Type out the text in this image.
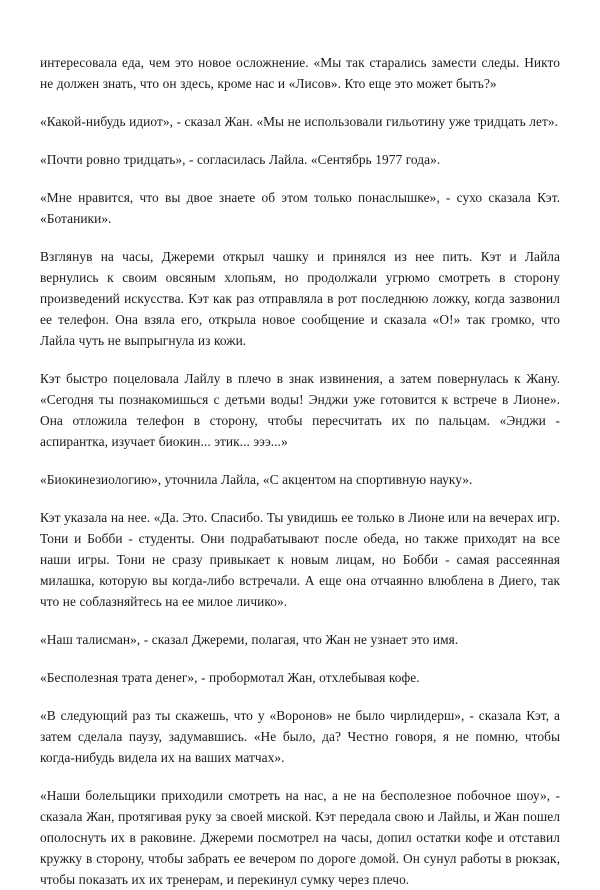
интересовала еда, чем это новое осложнение. «Мы так старались замести следы. Никто не должен знать, что он здесь, кроме нас и «Лисов». Кто еще это может быть?»

«Какой-нибудь идиот», - сказал Жан. «Мы не использовали гильотину уже тридцать лет».

«Почти ровно тридцать», - согласилась Лайла. «Сентябрь 1977 года».

«Мне нравится, что вы двое знаете об этом только понаслышке», - сухо сказала Кэт. «Ботаники».

Взглянув на часы, Джереми открыл чашку и принялся из нее пить. Кэт и Лайла вернулись к своим овсяным хлопьям, но продолжали угрюмо смотреть в сторону произведений искусства. Кэт как раз отправляла в рот последнюю ложку, когда зазвонил ее телефон. Она взяла его, открыла новое сообщение и сказала «О!» так громко, что Лайла чуть не выпрыгнула из кожи.

Кэт быстро поцеловала Лайлу в плечо в знак извинения, а затем повернулась к Жану. «Сегодня ты познакомишься с детьми воды! Энджи уже готовится к встрече в Лионе». Она отложила телефон в сторону, чтобы пересчитать их по пальцам. «Энджи - аспирантка, изучает биокин... этик... эээ...»

«Биокинезиологию», уточнила Лайла, «С акцентом на спортивную науку».

Кэт указала на нее. «Да. Это. Спасибо. Ты увидишь ее только в Лионе или на вечерах игр. Тони и Бобби - студенты. Они подрабатывают после обеда, но также приходят на все наши игры. Тони не сразу привыкает к новым лицам, но Бобби - самая рассеянная милашка, которую вы когда-либо встречали. А еще она отчаянно влюблена в Диего, так что не соблазняйтесь на ее милое личико».

«Наш талисман», - сказал Джереми, полагая, что Жан не узнает это имя.

«Бесполезная трата денег», - пробормотал Жан, отхлебывая кофе.

«В следующий раз ты скажешь, что у «Воронов» не было чирлидерш», - сказала Кэт, а затем сделала паузу, задумавшись. «Не было, да? Честно говоря, я не помню, чтобы когда-нибудь видела их на ваших матчах».

«Наши болельщики приходили смотреть на нас, а не на бесполезное побочное шоу», - сказала Жан, протягивая руку за своей миской. Кэт передала свою и Лайлы, и Жан пошел ополоснуть их в раковине. Джереми посмотрел на часы, допил остатки кофе и отставил кружку в сторону, чтобы забрать ее вечером по дороге домой. Он сунул работы в рюкзак, чтобы показать их их тренерам, и перекинул сумку через плечо.
